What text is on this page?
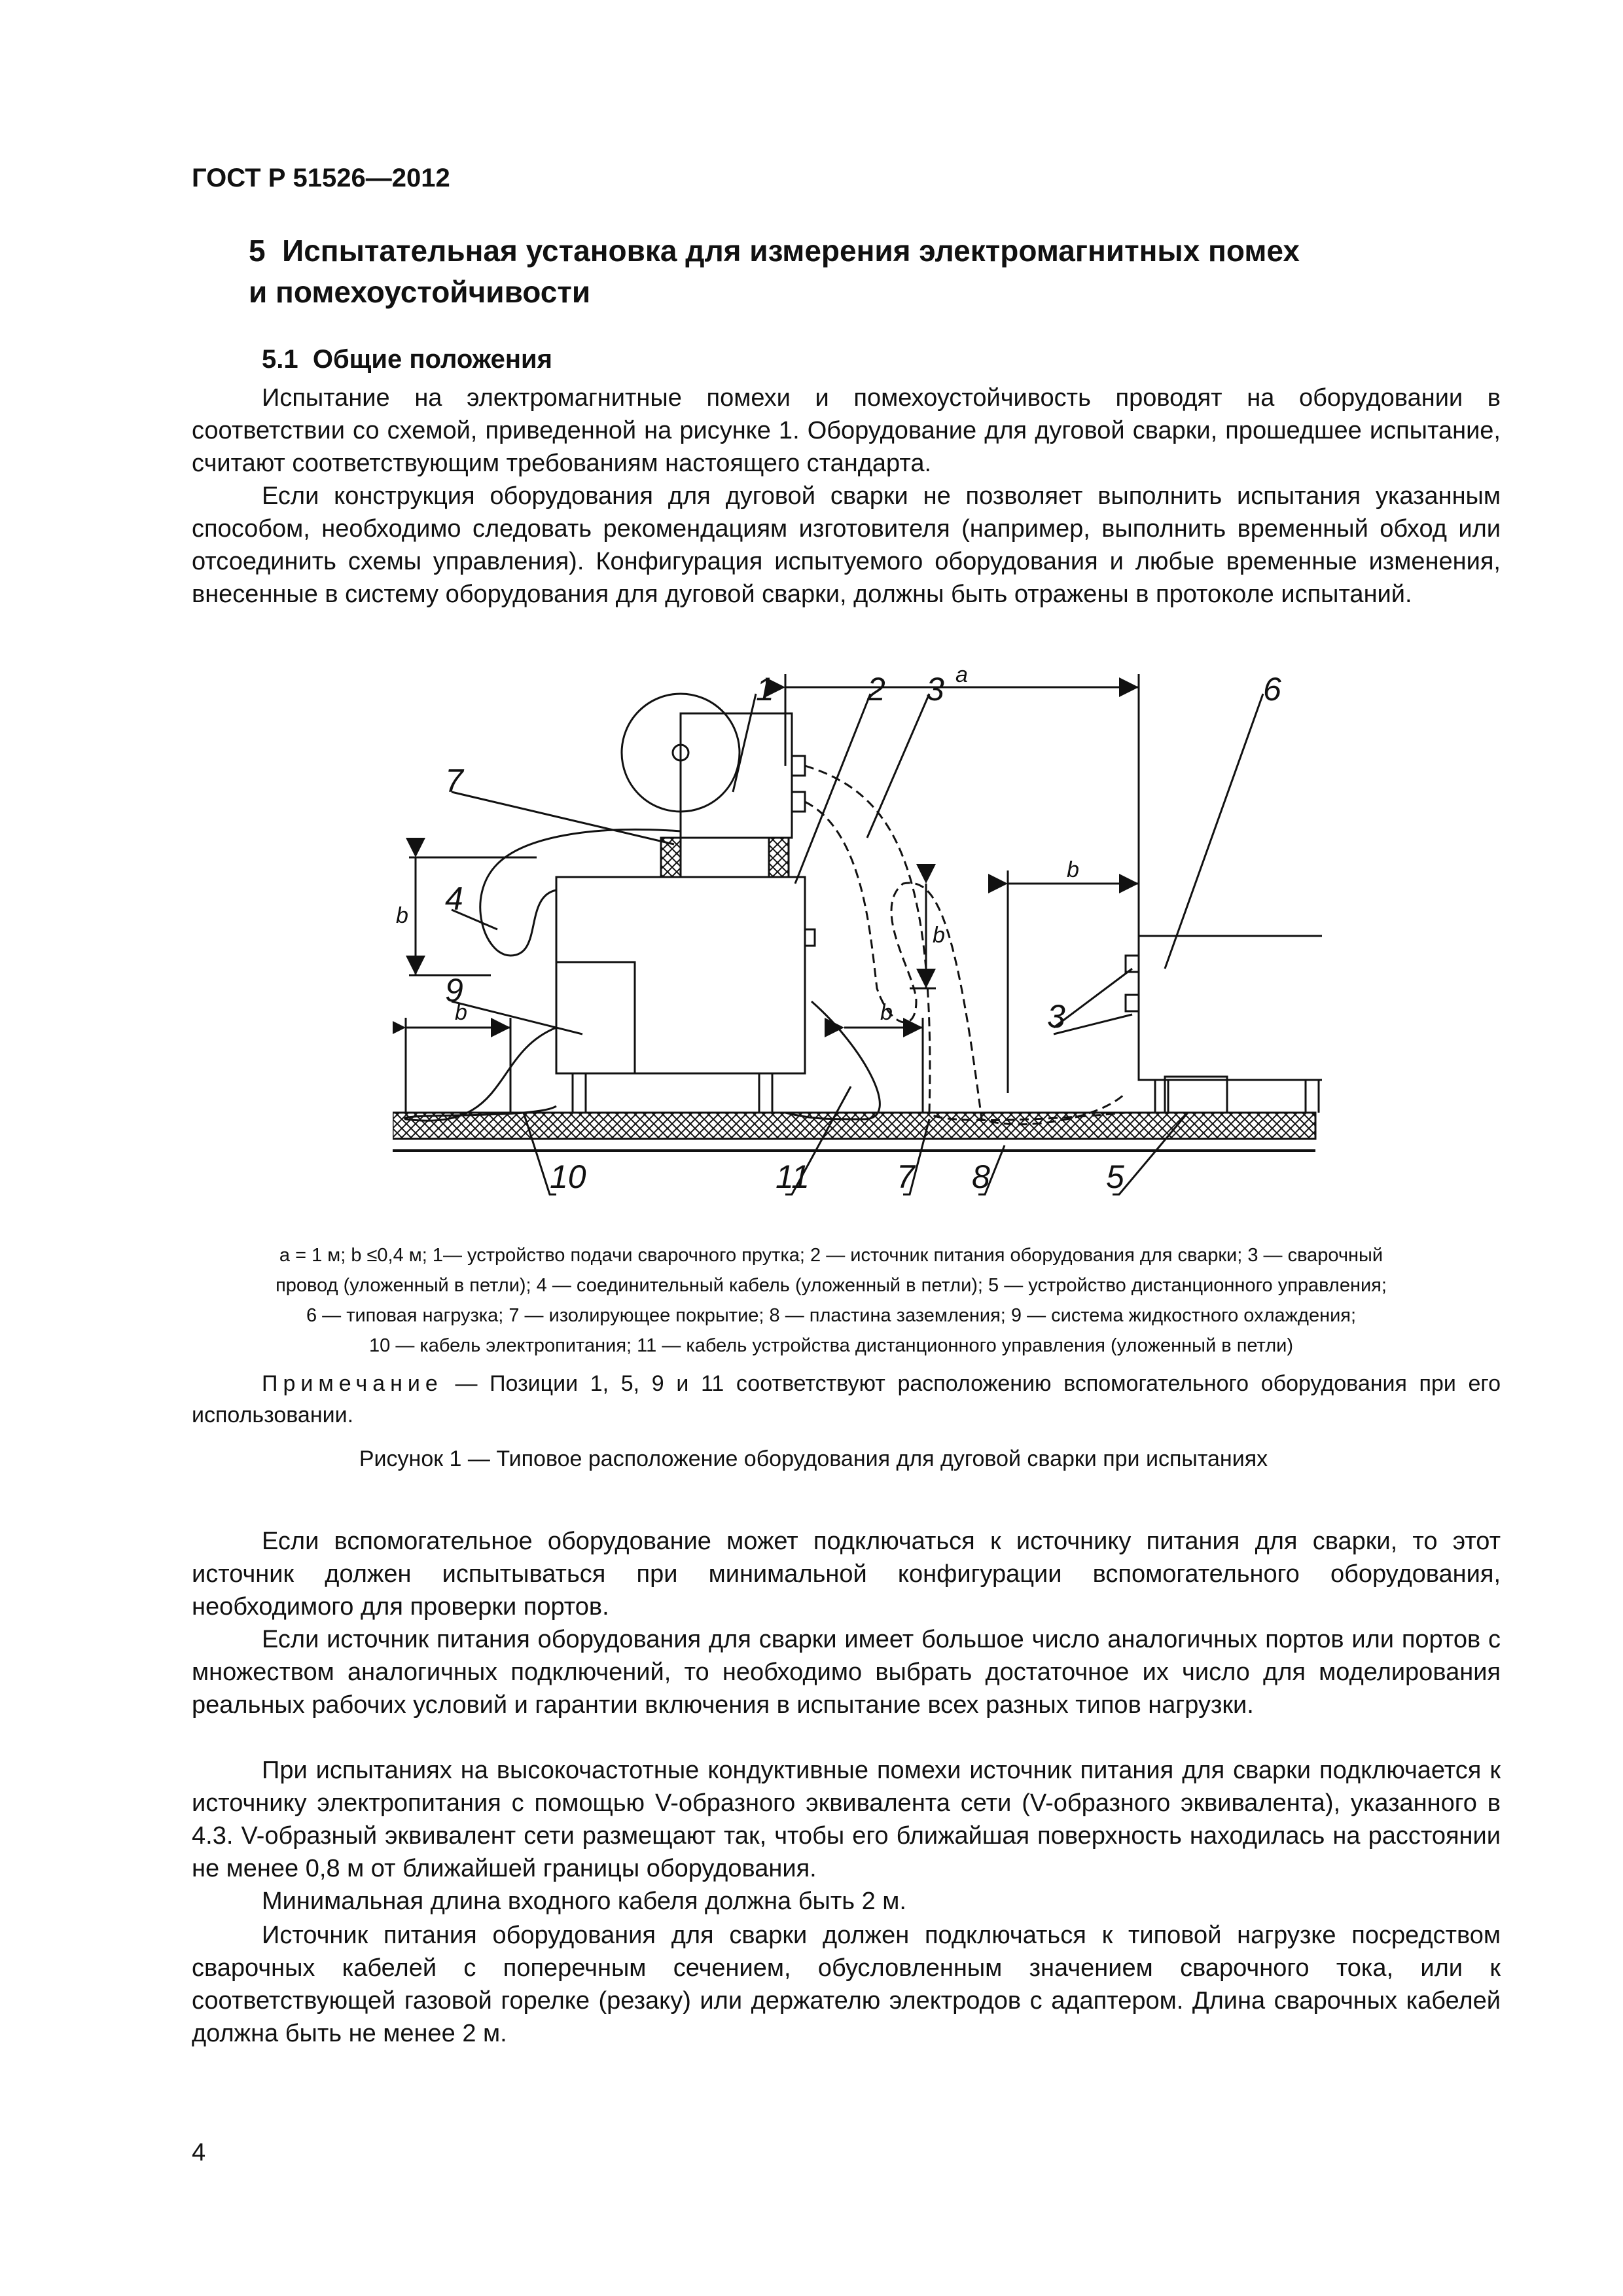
ГОСТ Р 51526—2012
5 Испытательная установка для измерения электромагнитных помех
и помехоустойчивости
5.1 Общие положения
Испытание на электромагнитные помехи и помехоустойчивость проводят на оборудовании в соответствии со схемой, приведенной на рисунке 1. Оборудование для дуговой сварки, прошедшее испытание, считают соответствующим требованиям настоящего стандарта.
Если конструкция оборудования для дуговой сварки не позволяет выполнить испытания указанным способом, необходимо следовать рекомендациям изготовителя (например, выполнить временный обход или отсоединить схемы управления). Конфигурация испытуемого оборудования и любые временные изменения, внесенные в систему оборудования для дуговой сварки, должны быть отражены в протоколе испытаний.
1	2 3	6
7
4
9
3
10	11	7 8	5
a
b
b
b	b
b
a = 1 м; b ≤0,4 м; 1— устройство подачи сварочного прутка; 2 — источник питания оборудования для сварки; 3 — сварочный
провод (уложенный в петли); 4 — соединительный кабель (уложенный в петли); 5 — устройство дистанционного управления;
6 — типовая нагрузка; 7 — изолирующее покрытие; 8 — пластина заземления; 9 — система жидкостного охлаждения;
10 — кабель электропитания; 11 — кабель устройства дистанционного управления (уложенный в петли)
Примечание — Позиции 1, 5, 9 и 11 соответствуют расположению вспомогательного оборудования при его использовании.
Рисунок 1 — Типовое расположение оборудования для дуговой сварки при испытаниях
Если вспомогательное оборудование может подключаться к источнику питания для сварки, то этот источник должен испытываться при минимальной конфигурации вспомогательного оборудования, необходимого для проверки портов.
Если источник питания оборудования для сварки имеет большое число аналогичных портов или портов с множеством аналогичных подключений, то необходимо выбрать достаточное их число для моделирования реальных рабочих условий и гарантии включения в испытание всех разных типов нагрузки.
При испытаниях на высокочастотные кондуктивные помехи источник питания для сварки подключается к источнику электропитания с помощью V-образного эквивалента сети (V-образного эквивалента), указанного в 4.3. V-образный эквивалент сети размещают так, чтобы его ближайшая поверхность находилась на расстоянии не менее 0,8 м от ближайшей границы оборудования.
Минимальная длина входного кабеля должна быть 2 м.
Источник питания оборудования для сварки должен подключаться к типовой нагрузке посредством сварочных кабелей с поперечным сечением, обусловленным значением сварочного тока, или к соответствующей газовой горелке (резаку) или держателю электродов с адаптером. Длина сварочных кабелей должна быть не менее 2 м.
4
